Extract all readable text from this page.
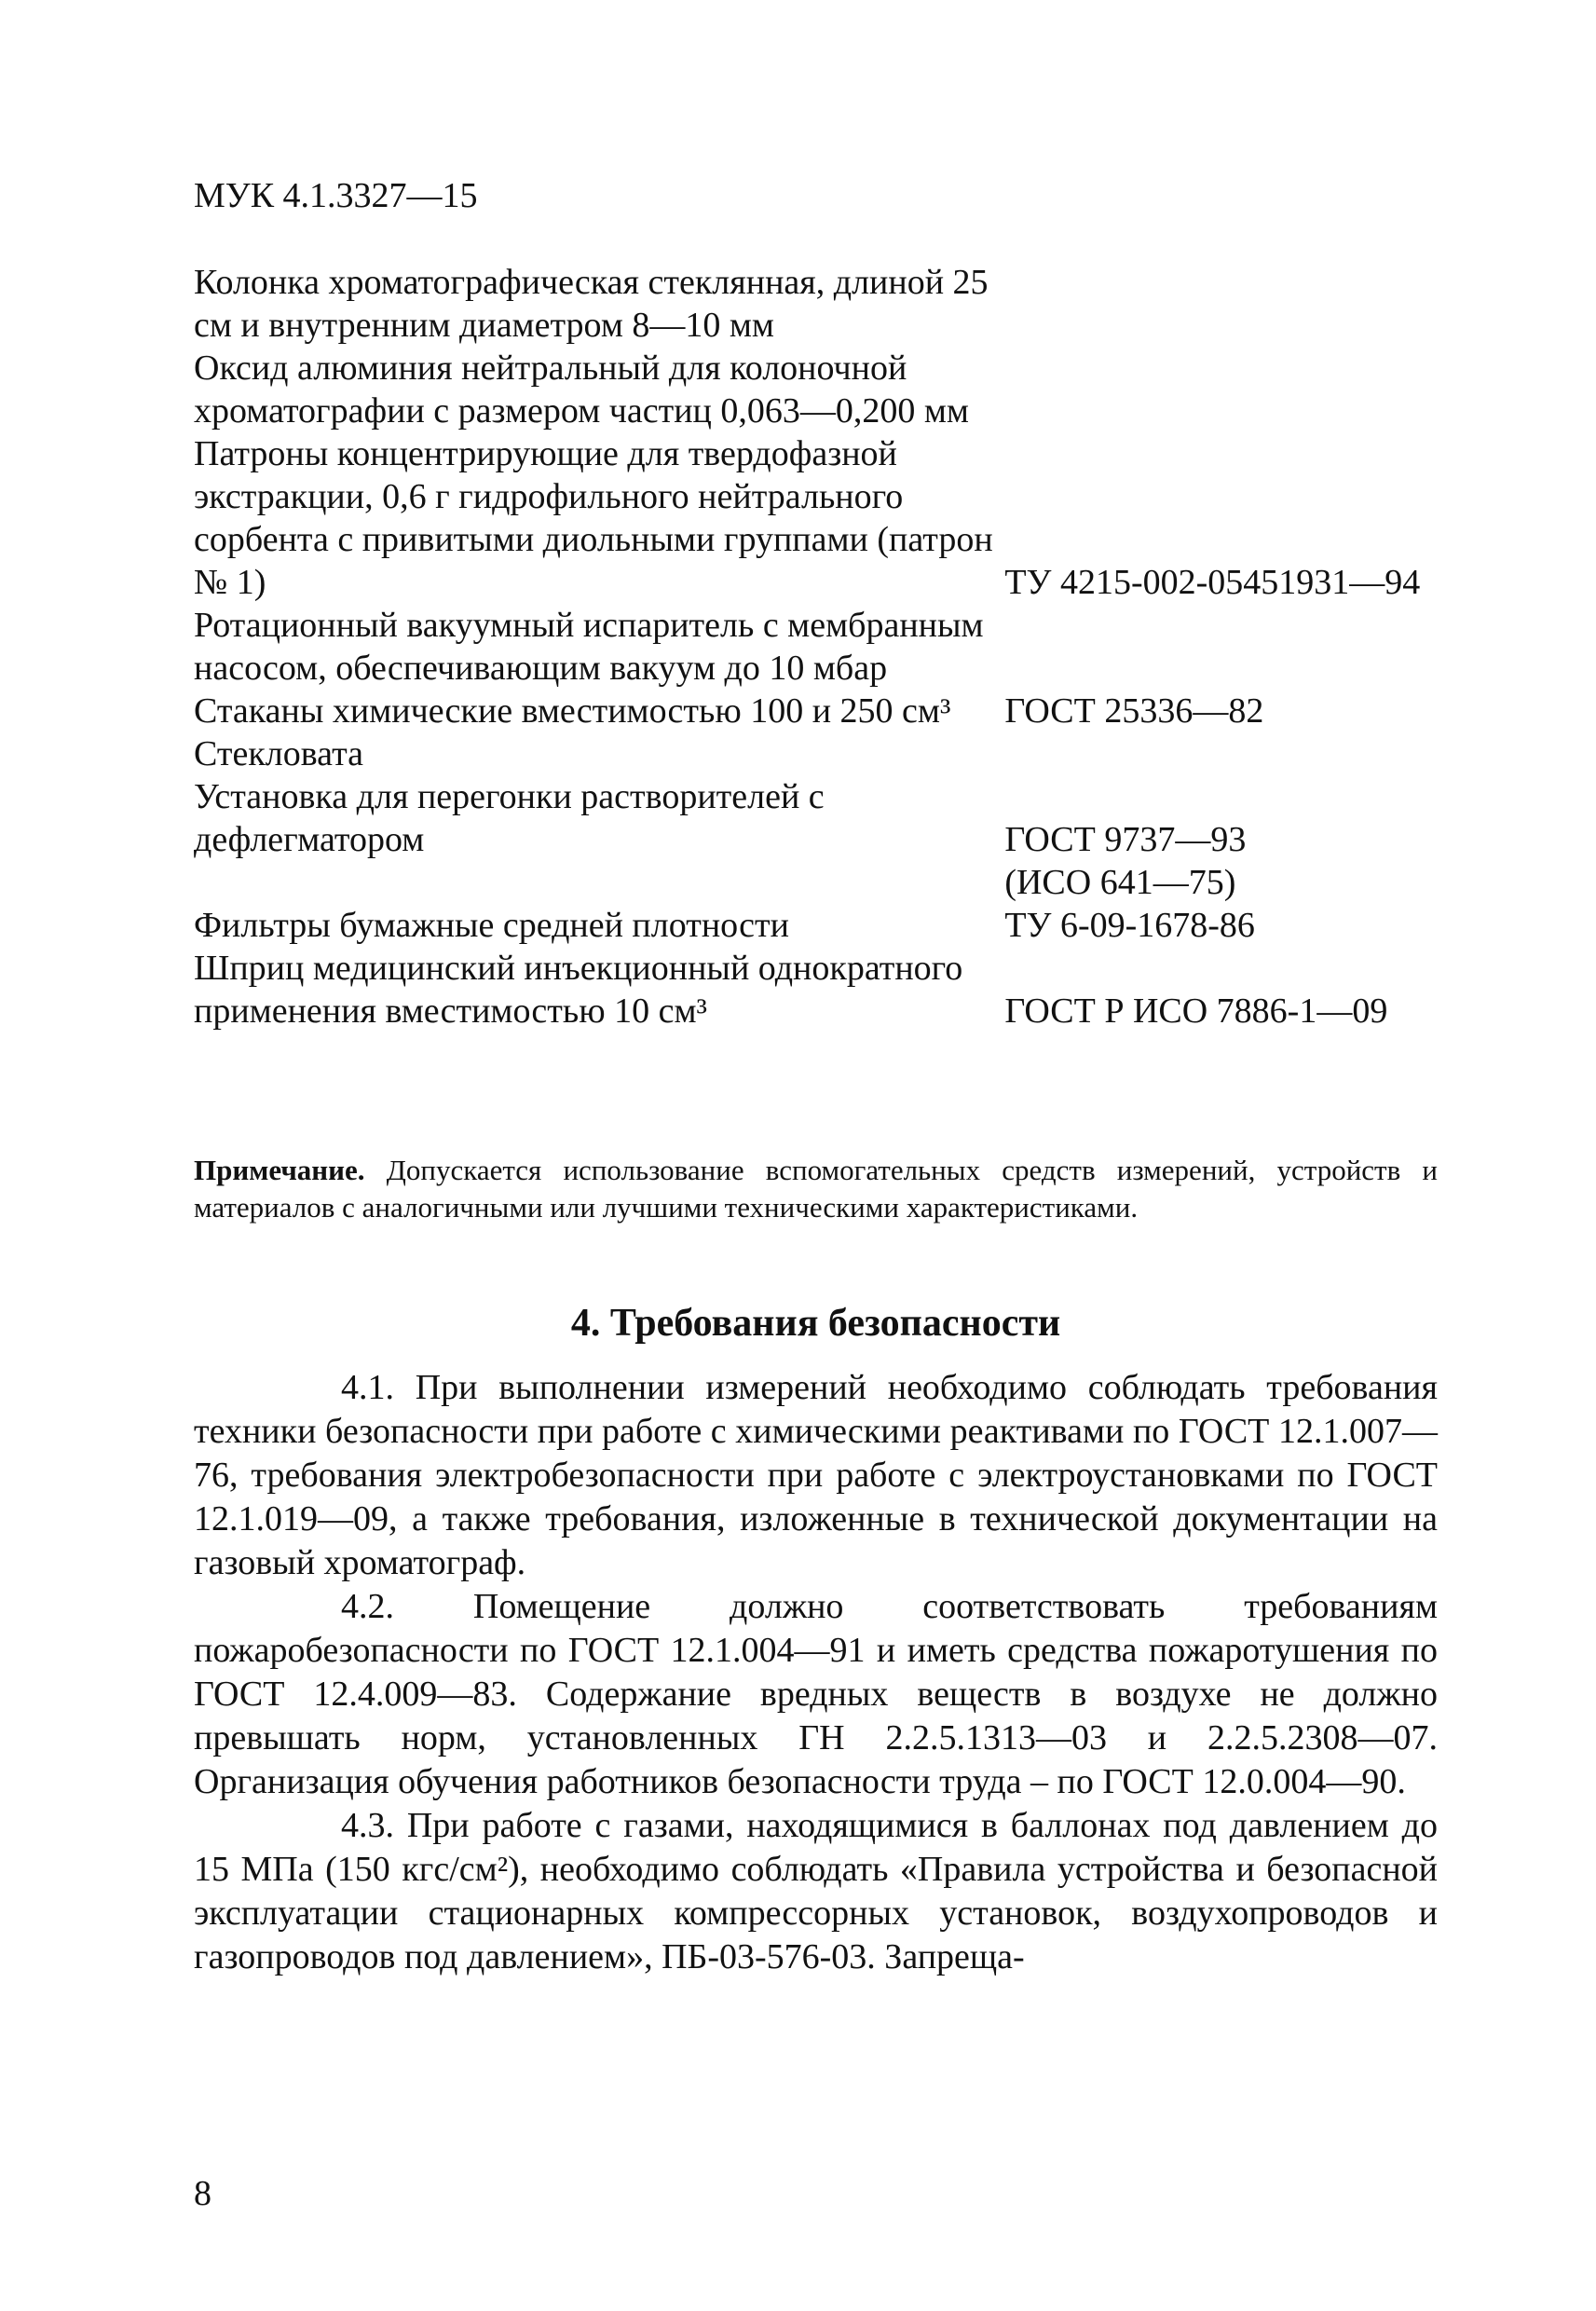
МУК 4.1.3327—15
Колонка хроматографическая стеклянная, длиной 25 см и внутренним диаметром 8—10 мм	
Оксид алюминия нейтральный для колоночной хроматографии с размером частиц 0,063—0,200 мм	
Патроны концентрирующие для твердофазной экстракции, 0,6 г гидрофильного нейтрального сорбента с привитыми диольными группами (патрон № 1)	ТУ 4215-002-05451931—94
Ротационный вакуумный испаритель с мембранным насосом, обеспечивающим вакуум до 10 мбар	
Стаканы химические вместимостью 100 и 250 см³	ГОСТ 25336—82
Стекловата	
Установка для перегонки растворителей с дефлегматором	ГОСТ 9737—93
	(ИСО 641—75)
Фильтры бумажные средней плотности	ТУ 6-09-1678-86
Шприц медицинский инъекционный однократного применения вместимостью 10 см³	ГОСТ Р ИСО 7886-1—09
Примечание. Допускается использование вспомогательных средств измерений, устройств и материалов с аналогичными или лучшими техническими характеристиками.
4. Требования безопасности

4.1. При выполнении измерений необходимо соблюдать требования техники безопасности при работе с химическими реактивами по ГОСТ 12.1.007—76, требования электробезопасности при работе с электроустановками по ГОСТ 12.1.019—09, а также требования, изложенные в технической документации на газовый хроматограф.

4.2. Помещение должно соответствовать требованиям пожаробезопасности по ГОСТ 12.1.004—91 и иметь средства пожаротушения по ГОСТ 12.4.009—83. Содержание вредных веществ в воздухе не должно превышать норм, установленных ГН 2.2.5.1313—03 и 2.2.5.2308—07. Организация обучения работников безопасности труда – по ГОСТ 12.0.004—90.

4.3. При работе с газами, находящимися в баллонах под давлением до 15 МПа (150 кгс/см²), необходимо соблюдать «Правила устройства и безопасной эксплуатации стационарных компрессорных установок, воздухопроводов и газопроводов под давлением», ПБ-03-576-03. Запреща-

8
